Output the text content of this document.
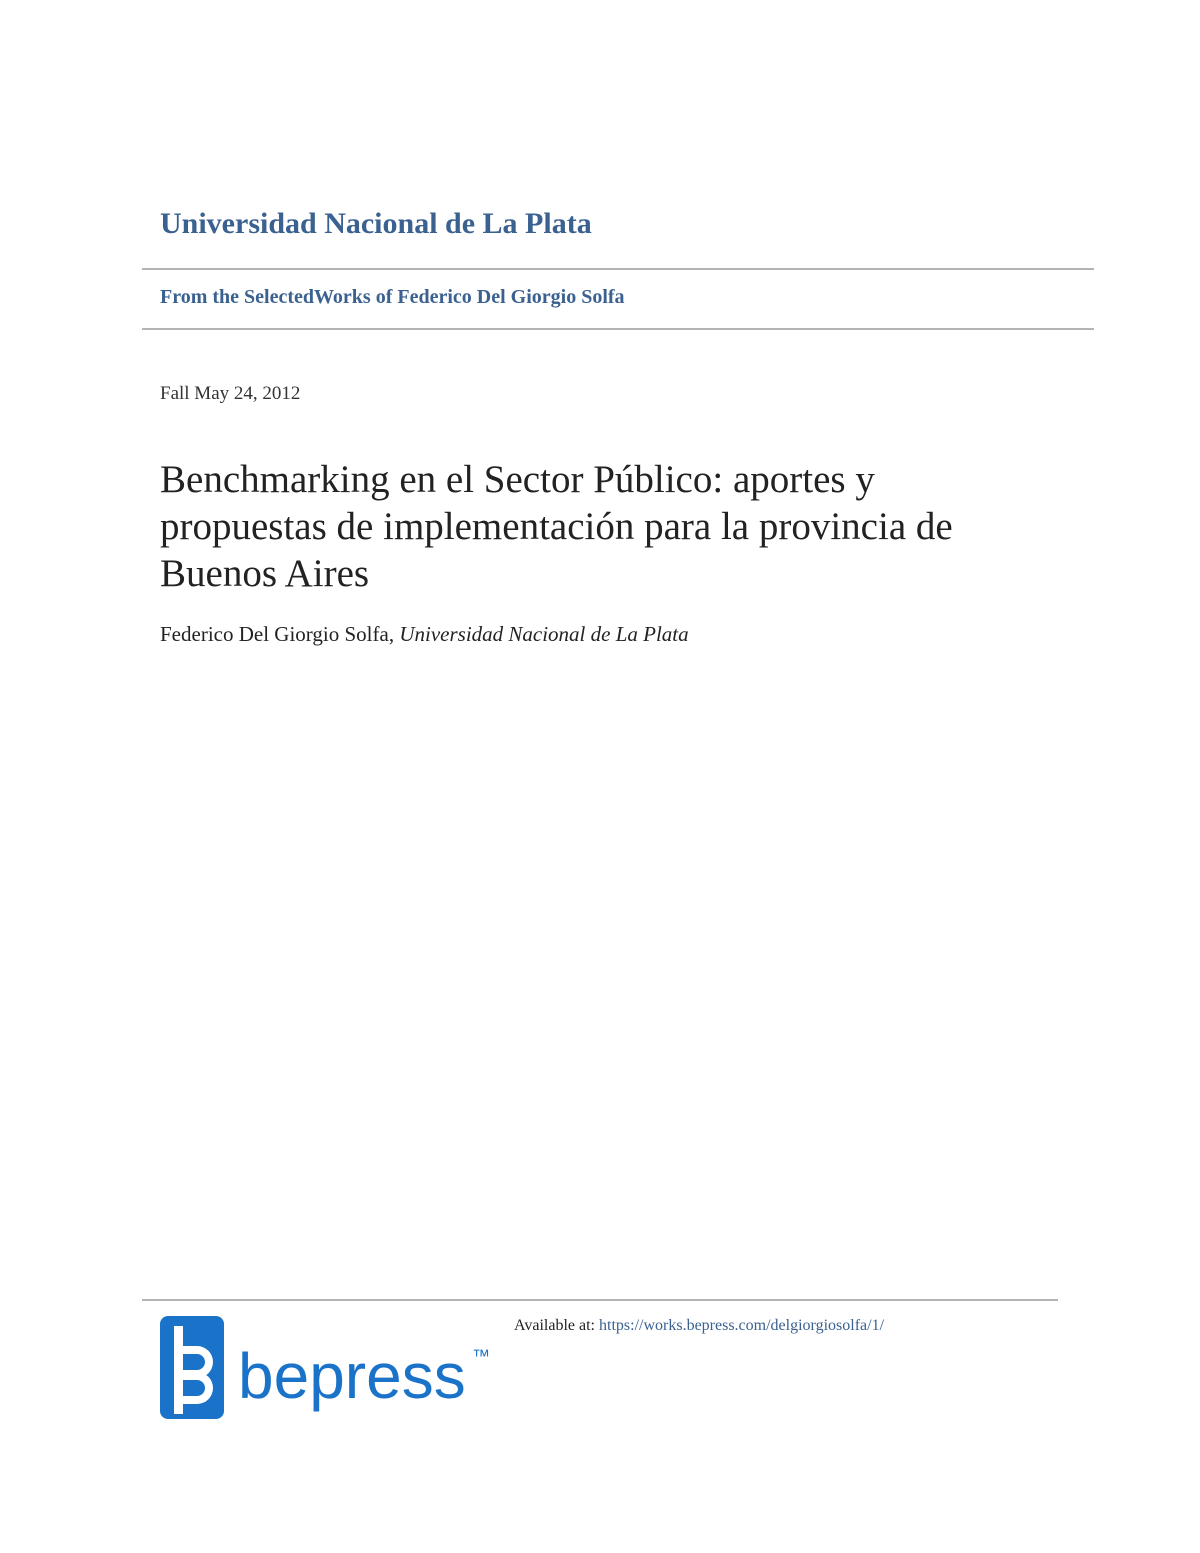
Universidad Nacional de La Plata
From the SelectedWorks of Federico Del Giorgio Solfa
Fall May 24, 2012
Benchmarking en el Sector Público: aportes y propuestas de implementación para la provincia de Buenos Aires
Federico Del Giorgio Solfa, Universidad Nacional de La Plata
bepress ™
Available at: https://works.bepress.com/delgiorgiosolfa/1/
